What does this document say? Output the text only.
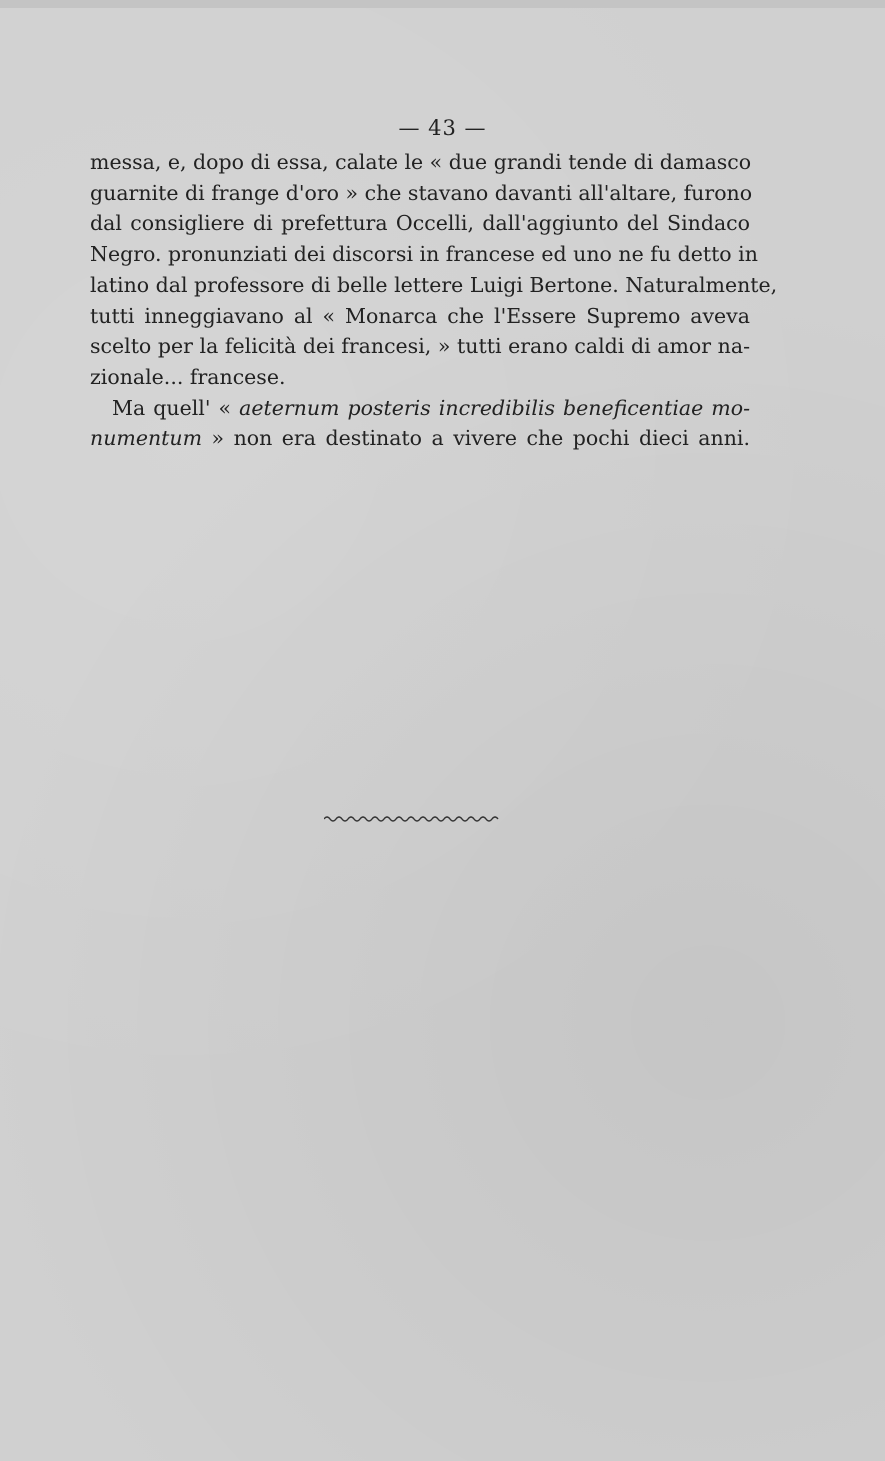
— 43 —
messa, e, dopo di essa, calate le « due grandi tende di damasco
guarnite di frange d'oro » che stavano davanti all'altare, furono
dal consigliere di prefettura Occelli, dall'aggiunto del Sindaco
Negro. pronunziati dei discorsi in francese ed uno ne fu detto in
latino dal professore di belle lettere Luigi Bertone. Naturalmente,
tutti inneggiavano al « Monarca che l'Essere Supremo aveva
scelto per la felicità dei francesi, » tutti erano caldi di amor na-
zionale... francese.
Ma quell' « aeternum posteris incredibilis beneficentiae mo-
numentum » non era destinato a vivere che pochi dieci anni.
